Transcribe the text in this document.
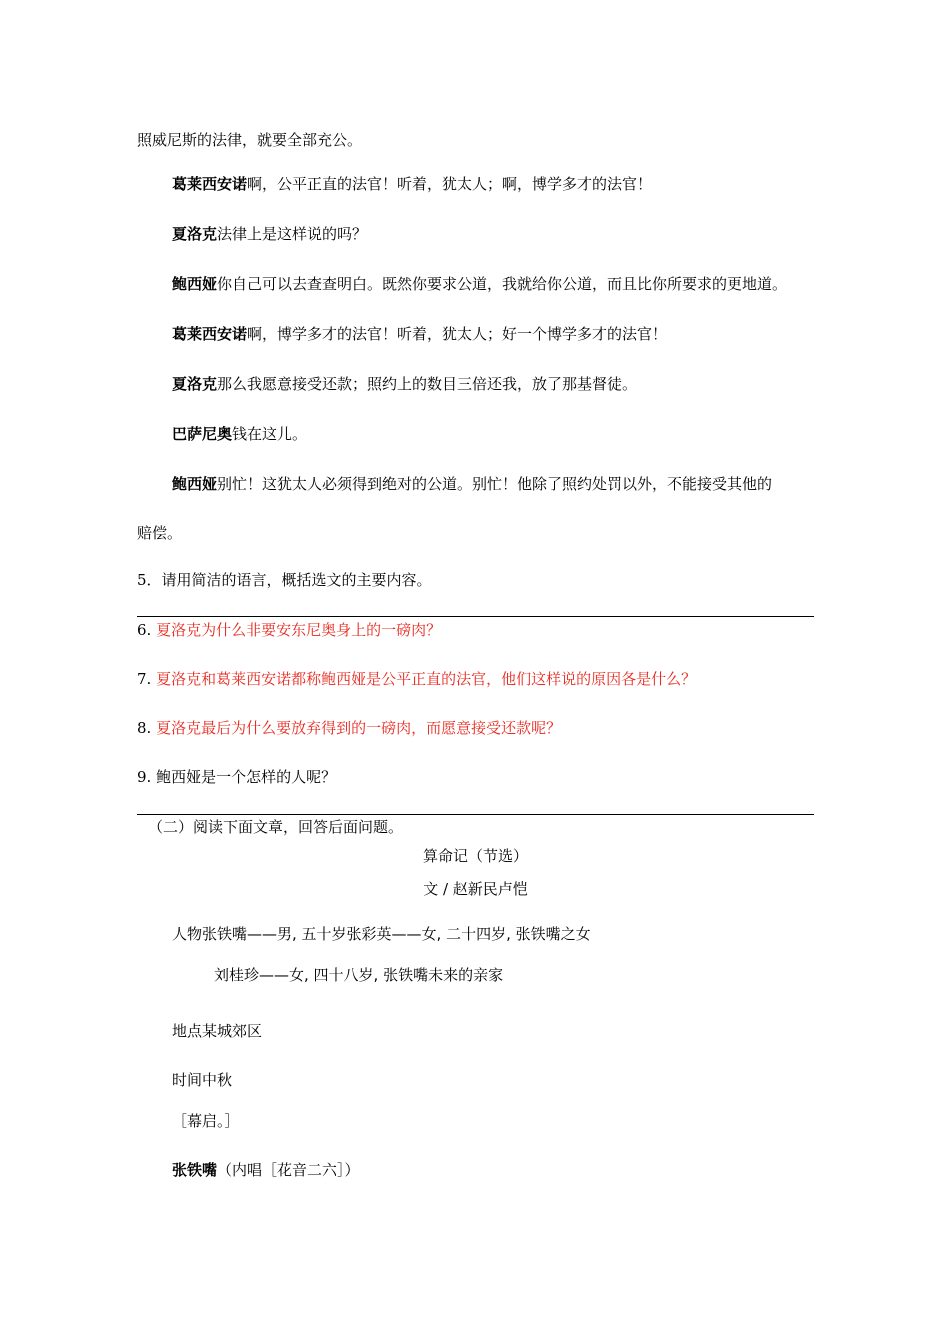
照威尼斯的法律，就要全部充公。
葛莱西安诺啊，公平正直的法官！听着，犹太人；啊，博学多才的法官！
夏洛克法律上是这样说的吗？
鲍西娅你自己可以去查查明白。既然你要求公道，我就给你公道，而且比你所要求的更地道。
葛莱西安诺啊，博学多才的法官！听着，犹太人；好一个博学多才的法官！
夏洛克那么我愿意接受还款；照约上的数目三倍还我，放了那基督徒。
巴萨尼奥钱在这儿。
鲍西娅别忙！这犹太人必须得到绝对的公道。别忙！他除了照约处罚以外，不能接受其他的
赔偿。
5．请用简洁的语言，概括选文的主要内容。
6. 夏洛克为什么非要安东尼奥身上的一磅肉？
7. 夏洛克和葛莱西安诺都称鲍西娅是公平正直的法官，他们这样说的原因各是什么？
8. 夏洛克最后为什么要放弃得到的一磅肉，而愿意接受还款呢？
9. 鲍西娅是一个怎样的人呢？
（二）阅读下面文章，回答后面问题。
算命记（节选）
文 / 赵新民卢恺
人物张铁嘴——男, 五十岁张彩英——女, 二十四岁, 张铁嘴之女
刘桂珍——女, 四十八岁, 张铁嘴未来的亲家
地点某城郊区
时间中秋
［幕启。］
张铁嘴（内唱［花音二六］）
